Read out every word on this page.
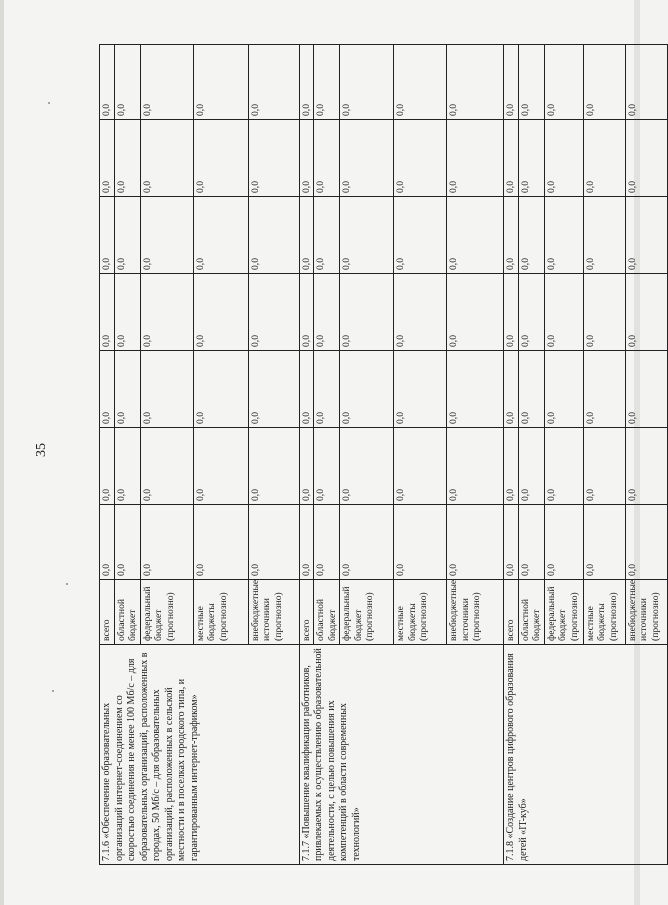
35
7.1.6 «Обеспечение образовательных организаций интернет-соединением со скоростью соединения не менее 100 Мб/с – для образовательных организаций, расположенных в городах, 50 Мб/с – для образовательных организаций, расположенных в сельской местности и в поселках городского типа, и гарантированным интернет-трафиком»	всего	0,0	0,0	0,0	0,0	0,0	0,0	0,0
	областной бюджет	0,0	0,0	0,0	0,0	0,0	0,0	0,0
	федеральный бюджет (прогнозно)	0,0	0,0	0,0	0,0	0,0	0,0	0,0
	местные бюджеты (прогнозно)	0,0	0,0	0,0	0,0	0,0	0,0	0,0
	внебюджетные источники (прогнозно)	0,0	0,0	0,0	0,0	0,0	0,0	0,0
7.1.7 «Повышение квалификации работников, привлекаемых к осуществлению образовательной деятельности, с целью повышения их компетенций в области современных технологий»	всего	0,0	0,0	0,0	0,0	0,0	0,0	0,0
	областной бюджет	0,0	0,0	0,0	0,0	0,0	0,0	0,0
	федеральный бюджет (прогнозно)	0,0	0,0	0,0	0,0	0,0	0,0	0,0
	местные бюджеты (прогнозно)	0,0	0,0	0,0	0,0	0,0	0,0	0,0
	внебюджетные источники (прогнозно)	0,0	0,0	0,0	0,0	0,0	0,0	0,0
7.1.8 «Создание центров цифрового образования детей «IT-куб»	всего	0,0	0,0	0,0	0,0	0,0	0,0	0,0
	областной бюджет	0,0	0,0	0,0	0,0	0,0	0,0	0,0
	федеральный бюджет (прогнозно)	0,0	0,0	0,0	0,0	0,0	0,0	0,0
	местные бюджеты (прогнозно)	0,0	0,0	0,0	0,0	0,0	0,0	0,0
	внебюджетные источники (прогнозно)	0,0	0,0	0,0	0,0	0,0	0,0	0,0
